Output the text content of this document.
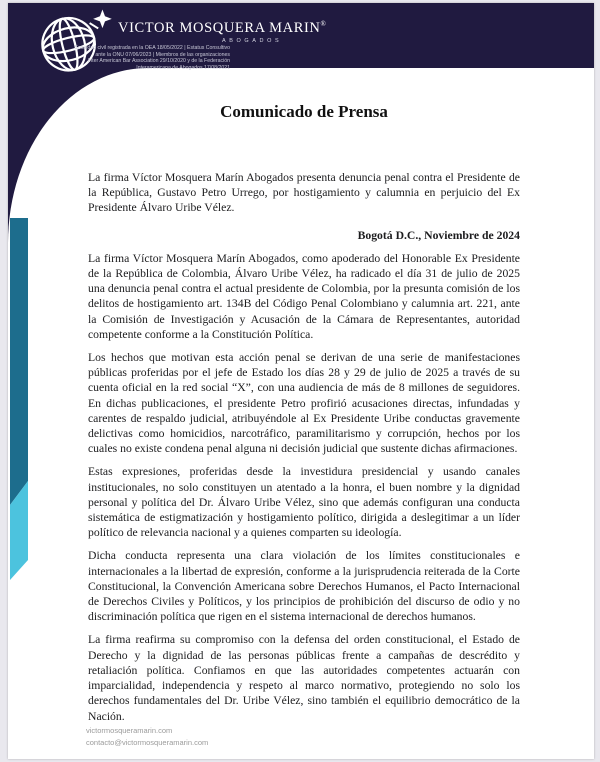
VICTOR MOSQUERA MARIN®
ABOGADOS
Sociedad civil registrada en la OEA 18/05/2022 | Estatus Consultivo
ante la ONU 07/06/2023 | Miembros de las organizaciones
Inter American Bar Association 29/10/2020 y de la Federación
Interamericana de Abogados 17/08/2021
Comunicado de Prensa

La firma Víctor Mosquera Marín Abogados presenta denuncia penal contra el Presidente de la República, Gustavo Petro Urrego, por hostigamiento y calumnia en perjuicio del Ex Presidente Álvaro Uribe Vélez.

Bogotá D.C., Noviembre de 2024

La firma Víctor Mosquera Marín Abogados, como apoderado del Honorable Ex Presidente de la República de Colombia, Álvaro Uribe Vélez, ha radicado el día 31 de julio de 2025 una denuncia penal contra el actual presidente de Colombia, por la presunta comisión de los delitos de hostigamiento art. 134B del Código Penal Colombiano y calumnia art. 221, ante la Comisión de Investigación y Acusación de la Cámara de Representantes, autoridad competente conforme a la Constitución Política.

Los hechos que motivan esta acción penal se derivan de una serie de manifestaciones públicas proferidas por el jefe de Estado los días 28 y 29 de julio de 2025 a través de su cuenta oficial en la red social “X”, con una audiencia de más de 8 millones de seguidores. En dichas publicaciones, el presidente Petro profirió acusaciones directas, infundadas y carentes de respaldo judicial, atribuyéndole al Ex Presidente Uribe conductas gravemente delictivas como homicidios, narcotráfico, paramilitarismo y corrupción, hechos por los cuales no existe condena penal alguna ni decisión judicial que sustente dichas afirmaciones.

Estas expresiones, proferidas desde la investidura presidencial y usando canales institucionales, no solo constituyen un atentado a la honra, el buen nombre y la dignidad personal y política del Dr. Álvaro Uribe Vélez, sino que además configuran una conducta sistemática de estigmatización y hostigamiento político, dirigida a deslegitimar a un líder político de relevancia nacional y a quienes comparten su ideología.

Dicha conducta representa una clara violación de los límites constitucionales e internacionales a la libertad de expresión, conforme a la jurisprudencia reiterada de la Corte Constitucional, la Convención Americana sobre Derechos Humanos, el Pacto Internacional de Derechos Civiles y Políticos, y los principios de prohibición del discurso de odio y no discriminación política que rigen en el sistema internacional de derechos humanos.

La firma reafirma su compromiso con la defensa del orden constitucional, el Estado de Derecho y la dignidad de las personas públicas frente a campañas de descrédito y retaliación política. Confiamos en que las autoridades competentes actuarán con imparcialidad, independencia y respeto al marco normativo, protegiendo no solo los derechos fundamentales del Dr. Uribe Vélez, sino también el equilibrio democrático de la Nación.

victormosqueramarin.com
contacto@victormosqueramarin.com
